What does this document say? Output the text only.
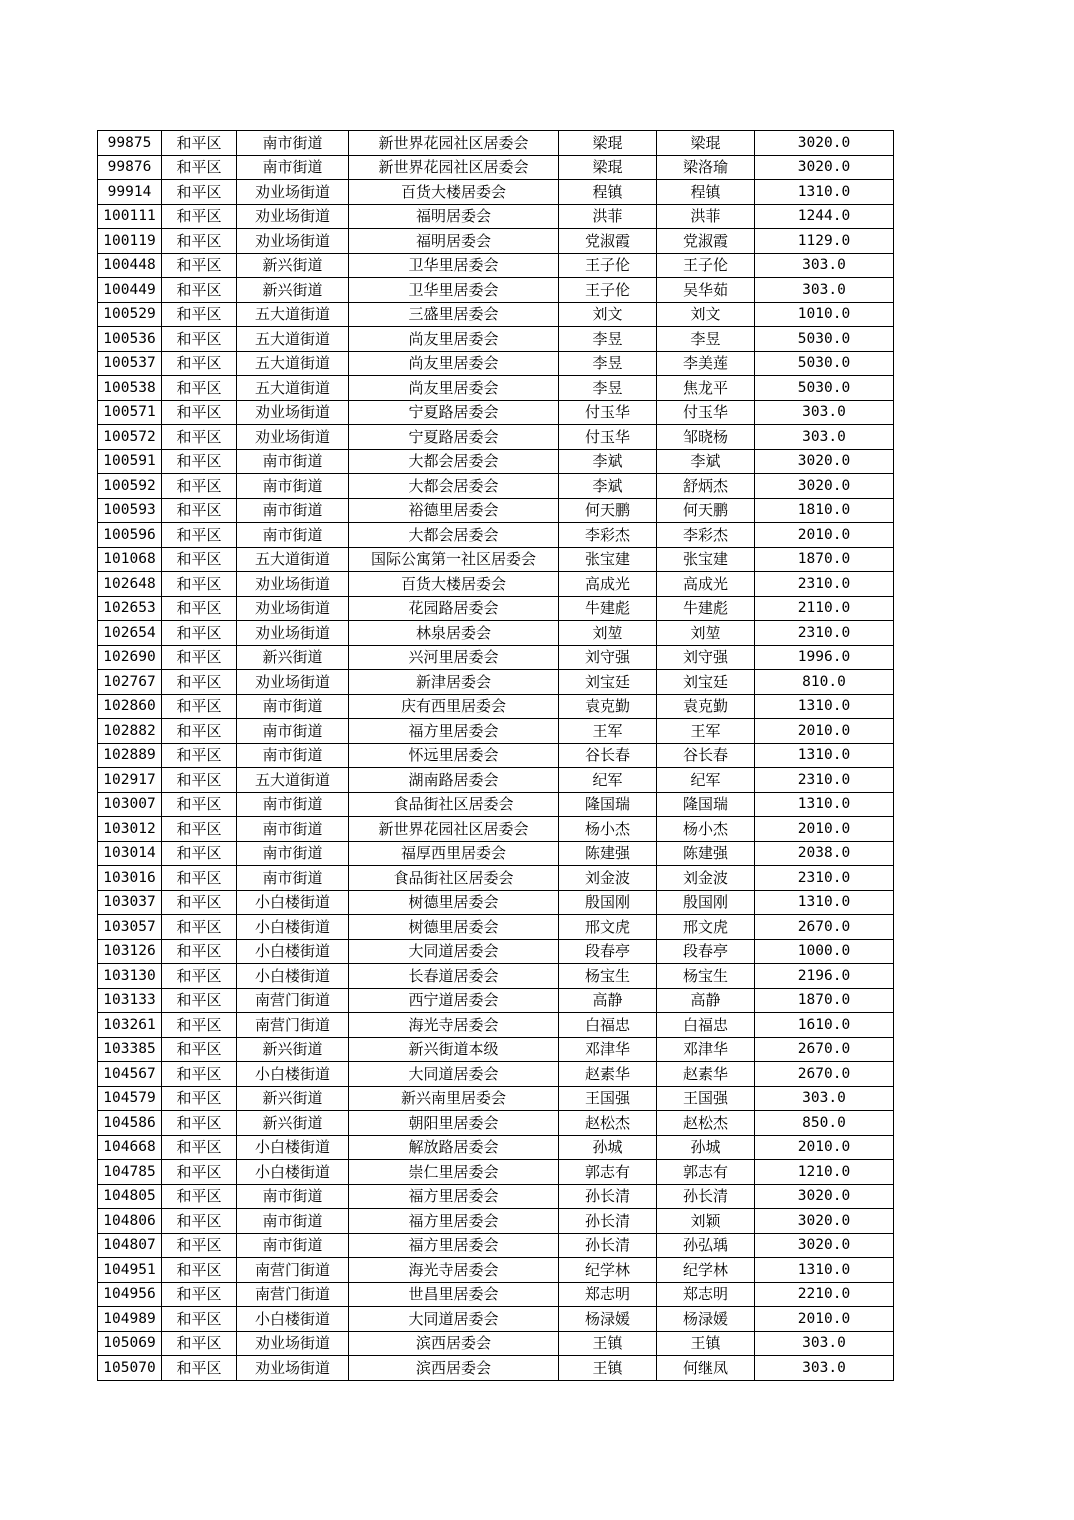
99875	和平区	南市街道	新世界花园社区居委会	梁琨	梁琨	3020.0
99876	和平区	南市街道	新世界花园社区居委会	梁琨	梁洛瑜	3020.0
99914	和平区	劝业场街道	百货大楼居委会	程镇	程镇	1310.0
100111	和平区	劝业场街道	福明居委会	洪菲	洪菲	1244.0
100119	和平区	劝业场街道	福明居委会	党淑霞	党淑霞	1129.0
100448	和平区	新兴街道	卫华里居委会	王子伦	王子伦	303.0
100449	和平区	新兴街道	卫华里居委会	王子伦	吴华茹	303.0
100529	和平区	五大道街道	三盛里居委会	刘文	刘文	1010.0
100536	和平区	五大道街道	尚友里居委会	李昱	李昱	5030.0
100537	和平区	五大道街道	尚友里居委会	李昱	李美莲	5030.0
100538	和平区	五大道街道	尚友里居委会	李昱	焦龙平	5030.0
100571	和平区	劝业场街道	宁夏路居委会	付玉华	付玉华	303.0
100572	和平区	劝业场街道	宁夏路居委会	付玉华	邹晓杨	303.0
100591	和平区	南市街道	大都会居委会	李斌	李斌	3020.0
100592	和平区	南市街道	大都会居委会	李斌	舒炳杰	3020.0
100593	和平区	南市街道	裕德里居委会	何天鹏	何天鹏	1810.0
100596	和平区	南市街道	大都会居委会	李彩杰	李彩杰	2010.0
101068	和平区	五大道街道	国际公寓第一社区居委会	张宝建	张宝建	1870.0
102648	和平区	劝业场街道	百货大楼居委会	高成光	高成光	2310.0
102653	和平区	劝业场街道	花园路居委会	牛建彪	牛建彪	2110.0
102654	和平区	劝业场街道	林泉居委会	刘堃	刘堃	2310.0
102690	和平区	新兴街道	兴河里居委会	刘守强	刘守强	1996.0
102767	和平区	劝业场街道	新津居委会	刘宝廷	刘宝廷	810.0
102860	和平区	南市街道	庆有西里居委会	袁克勤	袁克勤	1310.0
102882	和平区	南市街道	福方里居委会	王军	王军	2010.0
102889	和平区	南市街道	怀远里居委会	谷长春	谷长春	1310.0
102917	和平区	五大道街道	湖南路居委会	纪军	纪军	2310.0
103007	和平区	南市街道	食品街社区居委会	隆国瑞	隆国瑞	1310.0
103012	和平区	南市街道	新世界花园社区居委会	杨小杰	杨小杰	2010.0
103014	和平区	南市街道	福厚西里居委会	陈建强	陈建强	2038.0
103016	和平区	南市街道	食品街社区居委会	刘金波	刘金波	2310.0
103037	和平区	小白楼街道	树德里居委会	殷国刚	殷国刚	1310.0
103057	和平区	小白楼街道	树德里居委会	邢文虎	邢文虎	2670.0
103126	和平区	小白楼街道	大同道居委会	段春亭	段春亭	1000.0
103130	和平区	小白楼街道	长春道居委会	杨宝生	杨宝生	2196.0
103133	和平区	南营门街道	西宁道居委会	高静	高静	1870.0
103261	和平区	南营门街道	海光寺居委会	白福忠	白福忠	1610.0
103385	和平区	新兴街道	新兴街道本级	邓津华	邓津华	2670.0
104567	和平区	小白楼街道	大同道居委会	赵素华	赵素华	2670.0
104579	和平区	新兴街道	新兴南里居委会	王国强	王国强	303.0
104586	和平区	新兴街道	朝阳里居委会	赵松杰	赵松杰	850.0
104668	和平区	小白楼街道	解放路居委会	孙城	孙城	2010.0
104785	和平区	小白楼街道	崇仁里居委会	郭志有	郭志有	1210.0
104805	和平区	南市街道	福方里居委会	孙长清	孙长清	3020.0
104806	和平区	南市街道	福方里居委会	孙长清	刘颖	3020.0
104807	和平区	南市街道	福方里居委会	孙长清	孙弘瑀	3020.0
104951	和平区	南营门街道	海光寺居委会	纪学林	纪学林	1310.0
104956	和平区	南营门街道	世昌里居委会	郑志明	郑志明	2210.0
104989	和平区	小白楼街道	大同道居委会	杨渌媛	杨渌媛	2010.0
105069	和平区	劝业场街道	滨西居委会	王镇	王镇	303.0
105070	和平区	劝业场街道	滨西居委会	王镇	何继凤	303.0
